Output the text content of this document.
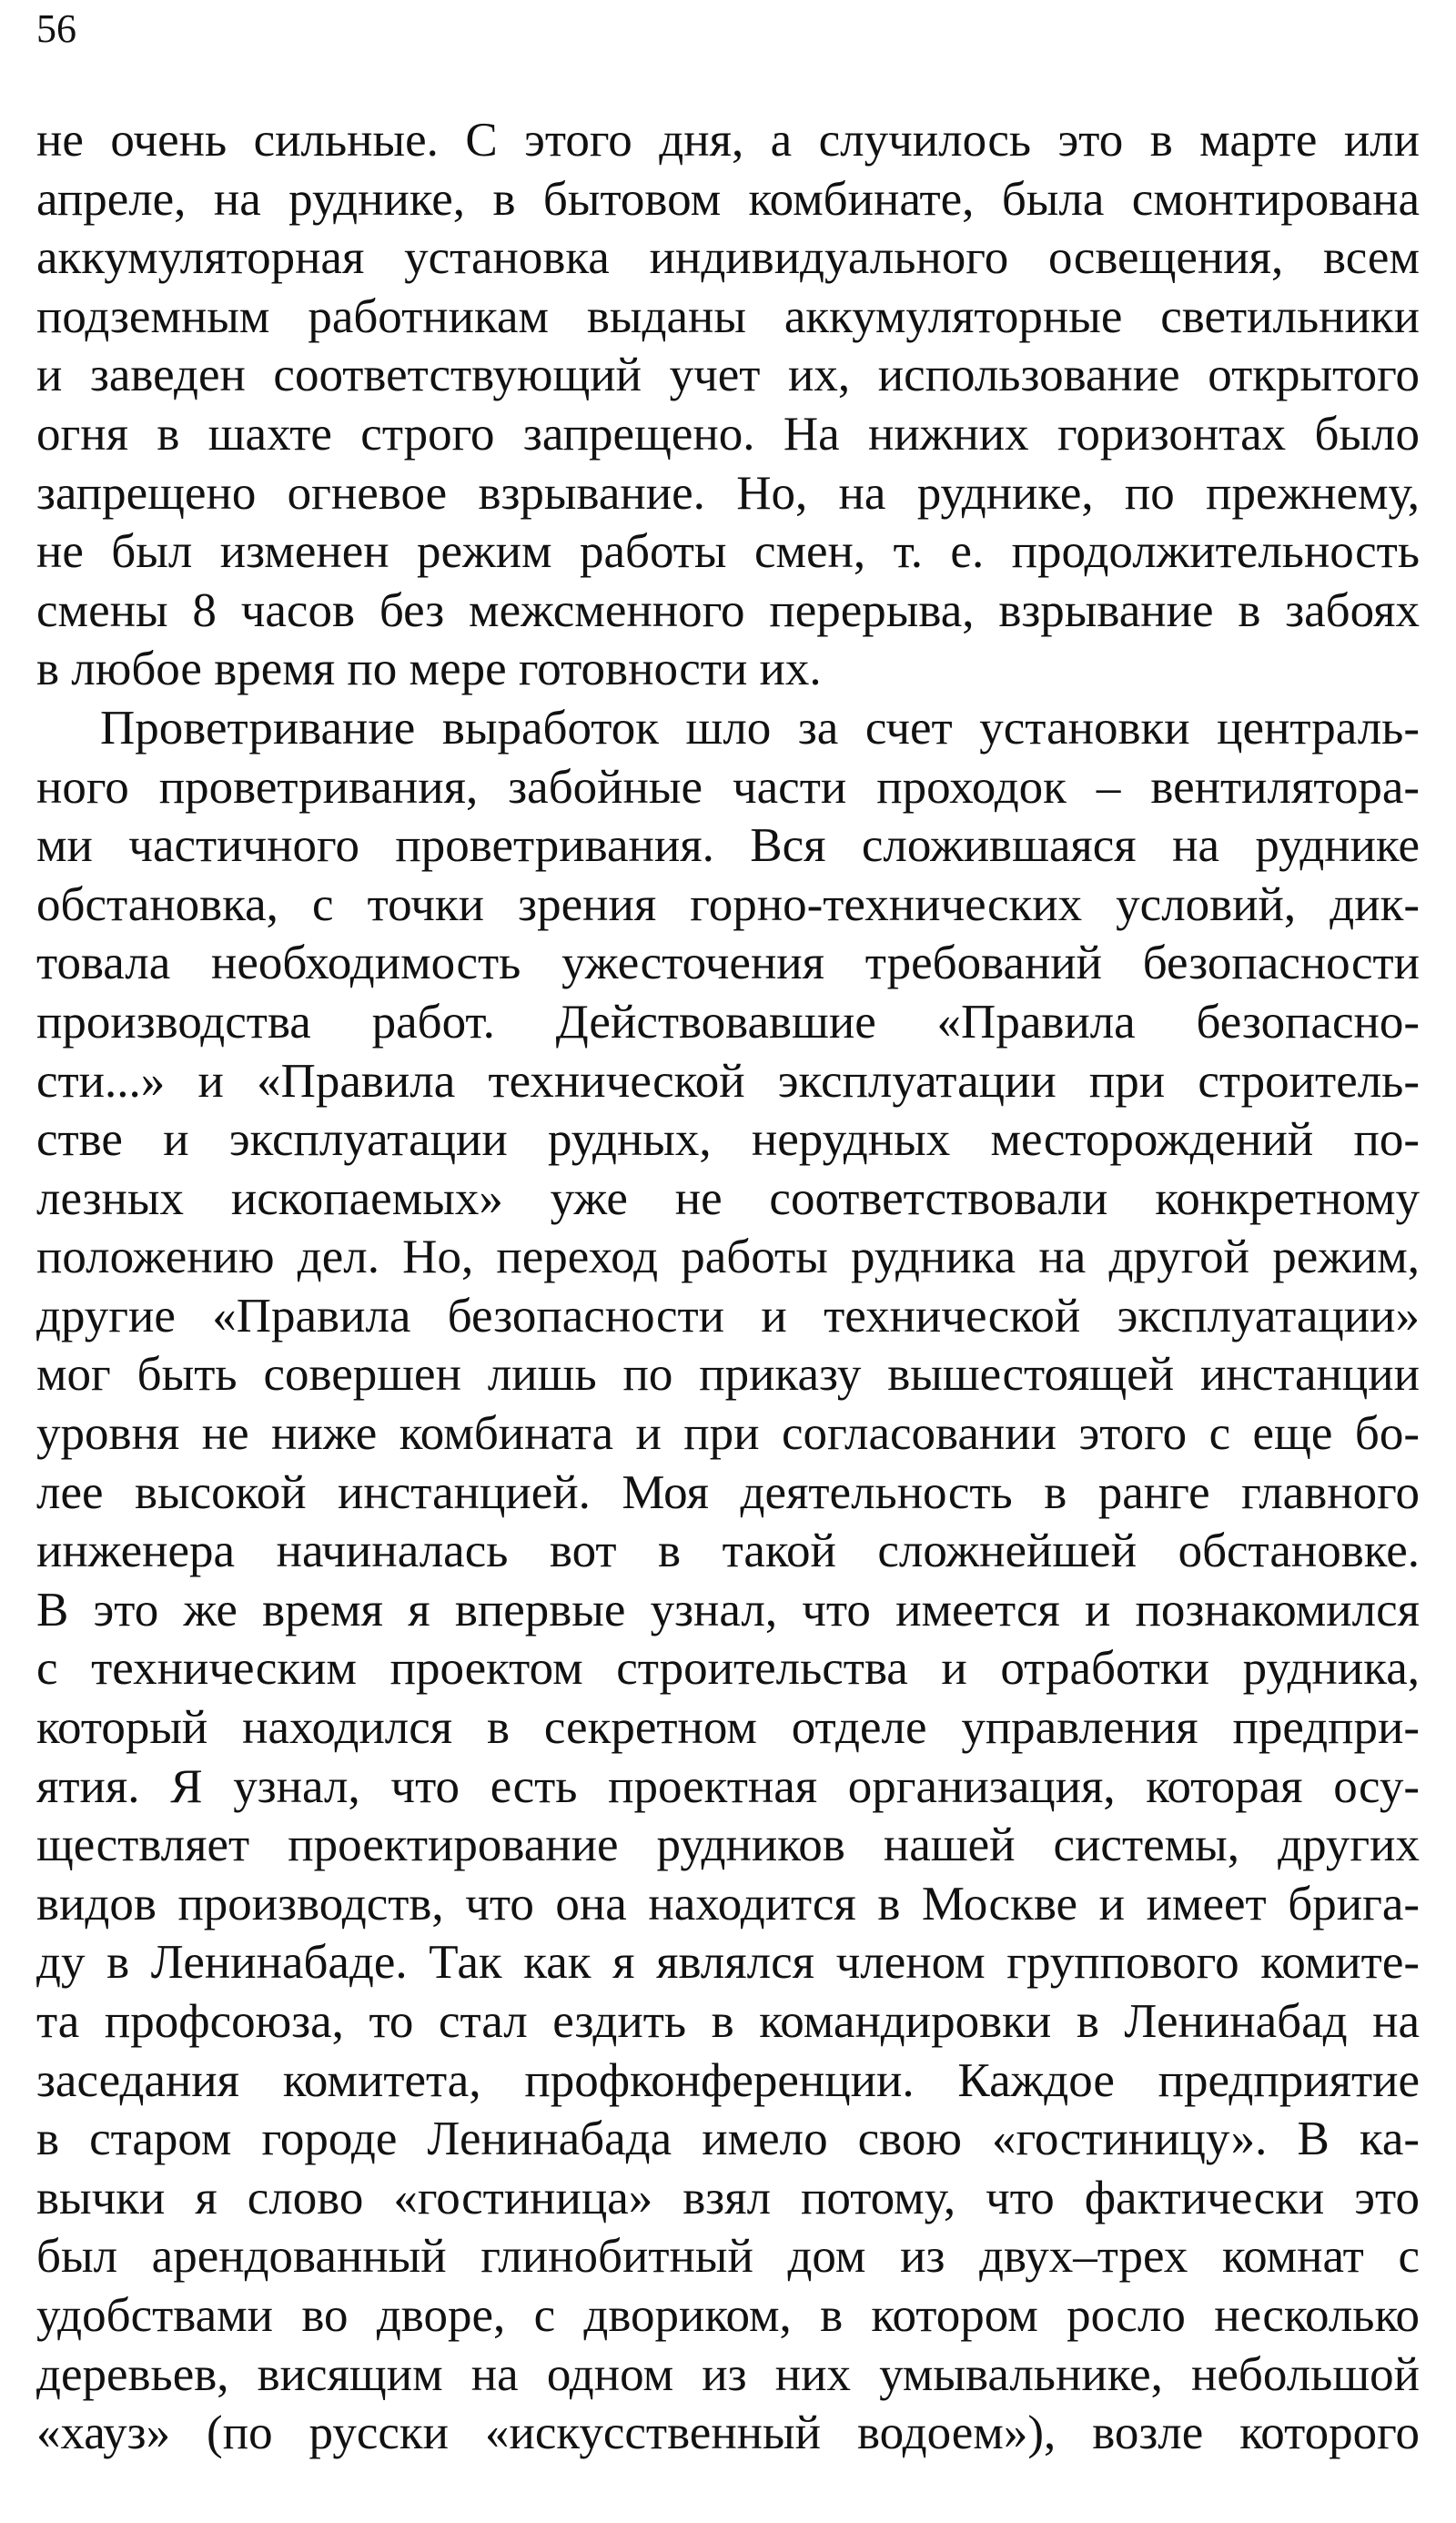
56
не очень сильные. С этого дня, а случилось это в марте или
апреле, на руднике, в бытовом комбинате, была смонтирована
аккумуляторная установка индивидуального освещения, всем
подземным работникам выданы аккумуляторные светильники
и заведен соответствующий учет их, использование открытого
огня в шахте строго запрещено. На нижних горизонтах было
запрещено огневое взрывание. Но, на руднике, по прежнему,
не был изменен режим работы смен, т. е. продолжительность
смены 8 часов без межсменного перерыва, взрывание в забоях
в любое время по мере готовности их.
Проветривание выработок шло за счет установки централь-
ного проветривания, забойные части проходок – вентилятора-
ми частичного проветривания. Вся сложившаяся на руднике
обстановка, с точки зрения горно-технических условий, дик-
товала необходимость ужесточения требований безопасности
производства работ. Действовавшие «Правила безопасно-
сти...» и «Правила технической эксплуатации при строитель-
стве и эксплуатации рудных, нерудных месторождений по-
лезных ископаемых» уже не соответствовали конкретному
положению дел. Но, переход работы рудника на другой режим,
другие «Правила безопасности и технической эксплуатации»
мог быть совершен лишь по приказу вышестоящей инстанции
уровня не ниже комбината и при согласовании этого с еще бо-
лее высокой инстанцией. Моя деятельность в ранге главного
инженера начиналась вот в такой сложнейшей обстановке.
В это же время я впервые узнал, что имеется и познакомился
с техническим проектом строительства и отработки рудника,
который находился в секретном отделе управления предпри-
ятия. Я узнал, что есть проектная организация, которая осу-
ществляет проектирование рудников нашей системы, других
видов производств, что она находится в Москве и имеет брига-
ду в Ленинабаде. Так как я являлся членом группового комите-
та профсоюза, то стал ездить в командировки в Ленинабад на
заседания комитета, профконференции. Каждое предприятие
в старом городе Ленинабада имело свою «гостиницу». В ка-
вычки я слово «гостиница» взял потому, что фактически это
был арендованный глинобитный дом из двух–трех комнат с
удобствами во дворе, с двориком, в котором росло несколько
деревьев, висящим на одном из них умывальнике, небольшой
«хауз» (по русски «искусственный водоем»), возле которого
